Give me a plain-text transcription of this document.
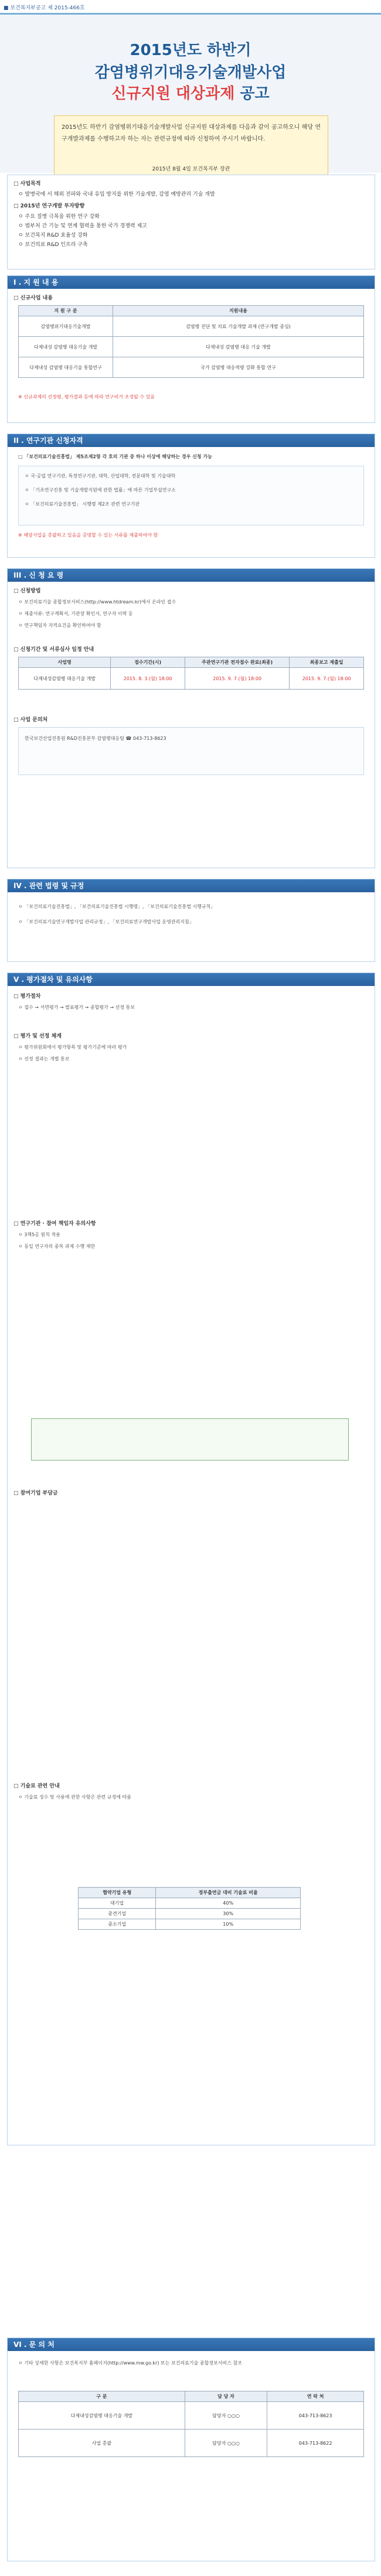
■ 보건복지부공고 제 2015-466호
2015년도 하반기
감염병위기대응기술개발사업
신규지원 대상과제 공고

2015년도 하반기 감염병위기대응기술개발사업 신규지원 대상과제를 다음과 같이 공고하오니 해당 연구개발과제를 수행하고자 하는 자는 관련규정에 따라 신청하여 주시기 바랍니다.

2015년 8월 4일 보건복지부 장관
□ 사업목적
ㅇ 발병국에 서 해외 전파와 국내 유입 방지를 위한 기술개발, 감염 예방관리 기술 개발
□ 2015년 연구개발 투자방향
ㅇ 주요 질병 극복을 위한 연구 강화
ㅇ 범부처 간 기능 및 연계 협력을 통한 국가 경쟁력 제고
ㅇ 보건복지 R&D 효율성 강화
ㅇ 보건의료 R&D 인프라 구축
I . 지 원 내 용
□ 신규사업 내용
지 원 구 분	지원내용
감염병위기대응기술개발	감염병 진단 및 치료 기술개발 과제 (연구개발 중심)
다제내성 감염병 대응기술 개발	다제내성 감염병 대응 기술 개발
다제내성 감염병 대응기술 통합연구	국가 감염병 대응역량 강화 통합 연구
※ 신규과제의 선정평, 평가결과 등에 따라 연구비가 조정될 수 있음
II . 연구기관 신청자격
□ 「보건의료기술진흥법」 제5조제2항 각 호의 기관 중 하나 이상에 해당하는 경우 신청 가능
ㅇ 국·공립 연구기관, 특정연구기관, 대학, 산업대학, 전문대학 및 기술대학
ㅇ 「기초연구진흥 및 기술개발지원에 관한 법률」에 따른 기업부설연구소
ㅇ 「보건의료기술진흥법」 시행령 제2조 관련 연구기관
※ 해당사업을 총괄하고 있음을 증명할 수 있는 서류를 제출하여야 함
III . 신 청 요 령
□ 신청방법
ㅇ 보건의료기술 종합정보서비스(http://www.htdream.kr)에서 온라인 접수
ㅇ 제출서류: 연구계획서, 기관장 확인서, 연구자 이력 등
ㅇ 연구책임자 자격요건을 확인하여야 함
□ 신청기간 및 서류심사 일정 안내
사업명	접수기간(시)	주관연구기관 전자접수 완료(최종)	최종보고 제출일
다제내성감염병 대응기술 개발	2015. 8. 3.(월) 18:00	2015. 9. 7.(월) 18:00	2015. 9. 7.(월) 18:00
□ 사업 문의처
한국보건산업진흥원 R&D진흥본부 감염병대응팀 ☎ 043-713-8623
IV . 관련 법령 및 규정
ㅇ 「보건의료기술진흥법」, 「보건의료기술진흥법 시행령」, 「보건의료기술진흥법 시행규칙」
ㅇ 「보건의료기술연구개발사업 관리규정」, 「보건의료연구개발사업 운영관리지침」
V . 평가절차 및 유의사항
□ 평가절차
ㅇ 접수 → 서면평가 → 발표평가 → 종합평가 → 선정 통보
□ 평가 및 선정 체계
ㅇ 평가위원회에서 평가항목 및 평가기준에 따라 평가
ㅇ 선정 결과는 개별 통보
□ 연구기관 · 참여 책임자 유의사항
ㅇ 3책5공 원칙 적용
ㅇ 동일 연구자의 중복 과제 수행 제한
□ 참여기업 부담금
□ 기술료 관련 안내
ㅇ 기술료 징수 및 사용에 관한 사항은 관련 규정에 따름
협약기업 유형	정부출연금 대비 기술료 비율
대기업	40%
중견기업	30%
중소기업	10%
VI . 문 의 처
ㅇ 기타 상세한 사항은 보건복지부 홈페이지(http://www.mw.go.kr) 또는 보건의료기술 종합정보서비스 참조
구 분	담 당 자	연 락 처
다제내성감염병 대응기술 개발	담당자 ○○○	043-713-8623
사업 총괄	담당자 ○○○	043-713-8622
